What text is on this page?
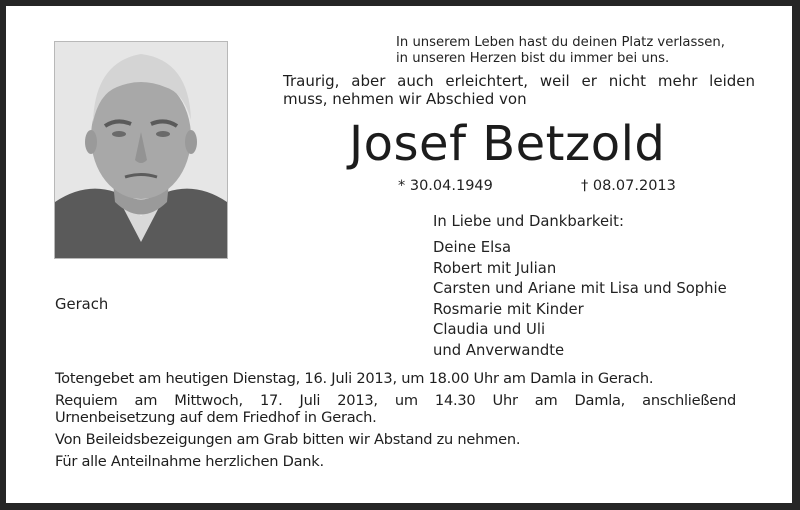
In unserem Leben hast du deinen Platz verlassen,
in unseren Herzen bist du immer bei uns.
Traurig, aber auch erleichtert, weil er nicht mehr leiden
muss, nehmen wir Abschied von
Josef Betzold
* 30.04.1949	† 08.07.2013
In Liebe und Dankbarkeit:
Deine Elsa
Robert mit Julian
Carsten und Ariane mit Lisa und Sophie
Rosmarie mit Kinder
Claudia und Uli
und Anverwandte
Gerach

Totengebet am heutigen Dienstag, 16. Juli 2013, um 18.00 Uhr am Damla in Gerach.

Requiem am Mittwoch, 17. Juli 2013, um 14.30 Uhr am Damla, anschließend

Urnenbeisetzung auf dem Friedhof in Gerach.

Von Beileidsbezeigungen am Grab bitten wir Abstand zu nehmen.

Für alle Anteilnahme herzlichen Dank.
